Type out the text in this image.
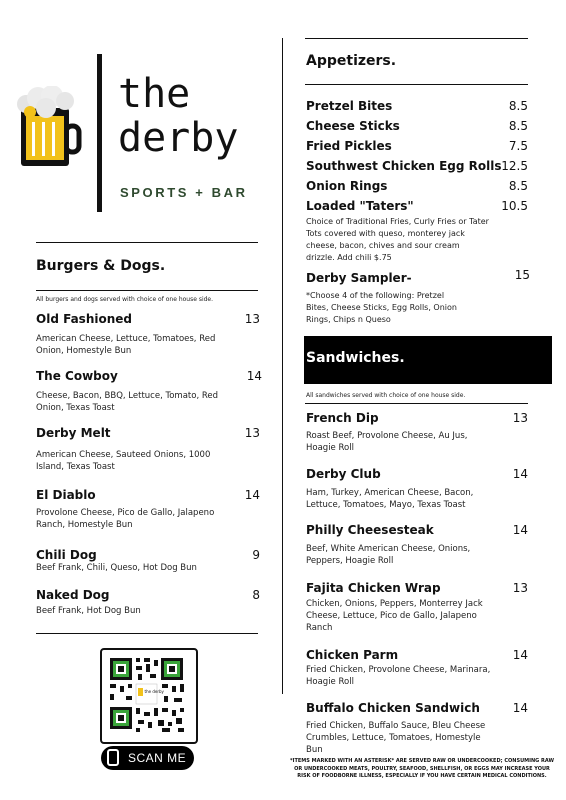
the
derby
SPORTS + BAR
Burgers & Dogs.
All burgers and dogs served with choice of one house side.
Old Fashioned	13
American Cheese, Lettuce, Tomatoes, Red Onion, Homestyle Bun
The Cowboy	14
Cheese, Bacon, BBQ, Lettuce, Tomato, Red Onion, Texas Toast
Derby Melt	13
American Cheese, Sauteed Onions, 1000 Island, Texas Toast
El Diablo	14
Provolone Cheese, Pico de Gallo, Jalapeno Ranch, Homestyle Bun
Chili Dog	9
Beef Frank, Chili, Queso, Hot Dog Bun
Naked Dog	8
Beef Frank, Hot Dog Bun
the derby
SCAN ME
Appetizers.
Pretzel Bites	8.5
Cheese Sticks	8.5
Fried Pickles	7.5
Southwest Chicken Egg Rolls 12.5
Onion Rings	8.5
Loaded "Taters"	10.5
Choice of Traditional Fries, Curly Fries or Tater Tots covered with queso, monterey jack cheese, bacon, chives and sour cream drizzle. Add chili $.75
Derby Sampler-	15
*Choose 4 of the following: Pretzel Bites, Cheese Sticks, Egg Rolls, Onion Rings, Chips n Queso
Sandwiches.
All sandwiches served with choice of one house side.
French Dip	13
Roast Beef, Provolone Cheese, Au Jus, Hoagie Roll
Derby Club	14
Ham, Turkey, American Cheese, Bacon, Lettuce, Tomatoes, Mayo, Texas Toast
Philly Cheesesteak	14
Beef, White American Cheese, Onions, Peppers, Hoagie Roll
Fajita Chicken Wrap	13
Chicken, Onions, Peppers, Monterrey Jack Cheese, Lettuce, Pico de Gallo, Jalapeno Ranch
Chicken Parm	14
Fried Chicken, Provolone Cheese, Marinara, Hoagie Roll
Buffalo Chicken Sandwich	14
Fried Chicken, Buffalo Sauce, Bleu Cheese Crumbles, Lettuce, Tomatoes, Homestyle Bun
*ITEMS MARKED WITH AN ASTERISK* ARE SERVED RAW OR UNDERCOOKED; CONSUMING RAW OR UNDERCOOKED MEATS, POULTRY, SEAFOOD, SHELLFISH, OR EGGS MAY INCREASE YOUR RISK OF FOODBORNE ILLNESS, ESPECIALLY IF YOU HAVE CERTAIN MEDICAL CONDITIONS.
